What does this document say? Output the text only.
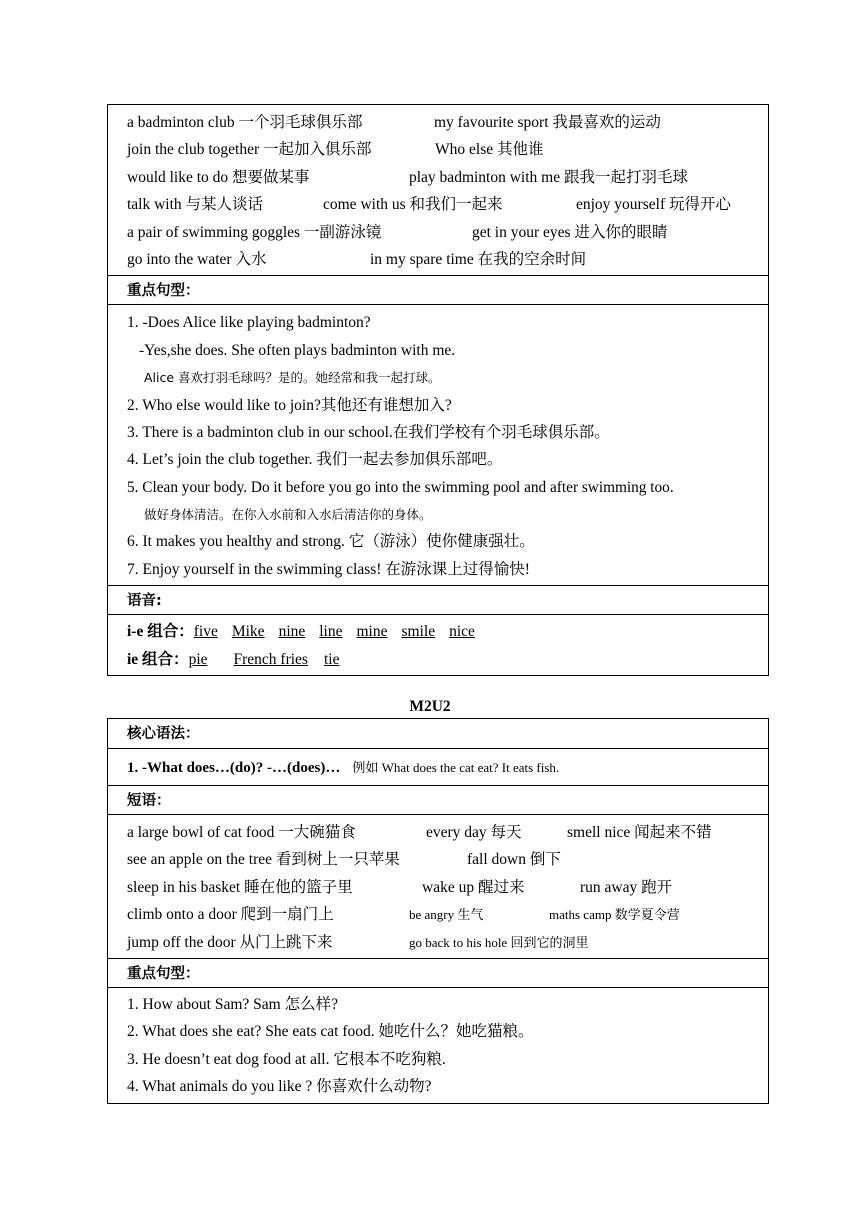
a badminton club 一个羽毛球俱乐部	my favourite sport 我最喜欢的运动
join the club together 一起加入俱乐部	Who else 其他谁
would like to do 想要做某事	play badminton with me 跟我一起打羽毛球
talk with 与某人谈话	come with us 和我们一起来	enjoy yourself 玩得开心
a pair of swimming goggles 一副游泳镜	get in your eyes 进入你的眼睛
go into the water 入水	in my spare time 在我的空余时间
重点句型：
1. -Does Alice like playing badminton?
-Yes,she does. She often plays badminton with me.
Alice 喜欢打羽毛球吗？是的。她经常和我一起打球。
2. Who else would like to join?其他还有谁想加入?
3. There is a badminton club in our school.在我们学校有个羽毛球俱乐部。
4. Let’s join the club together. 我们一起去参加俱乐部吧。
5. Clean your body. Do it before you go into the swimming pool and after swimming too.
做好身体清洁。在你入水前和入水后清洁你的身体。
6. It makes you healthy and strong. 它（游泳）使你健康强壮。
7. Enjoy yourself in the swimming class! 在游泳课上过得愉快!
语音:
i-e 组合：five Mike nine line mine smile nice
ie 组合：pie French fries tie
M2U2
核心语法：
1. -What does…(do)? -…(does)… 例如 What does the cat eat? It eats fish.
短语：
a large bowl of cat food 一大碗猫食	every day 每天	smell nice 闻起来不错
see an apple on the tree 看到树上一只苹果	fall down 倒下
sleep in his basket 睡在他的篮子里	wake up 醒过来	run away 跑开
climb onto a door 爬到一扇门上	be angry 生气	maths camp 数学夏令营
jump off the door 从门上跳下来	go back to his hole 回到它的洞里
重点句型：
1. How about Sam? Sam 怎么样?
2. What does she eat? She eats cat food. 她吃什么？她吃猫粮。
3. He doesn’t eat dog food at all. 它根本不吃狗粮.
4. What animals do you like ? 你喜欢什么动物?
